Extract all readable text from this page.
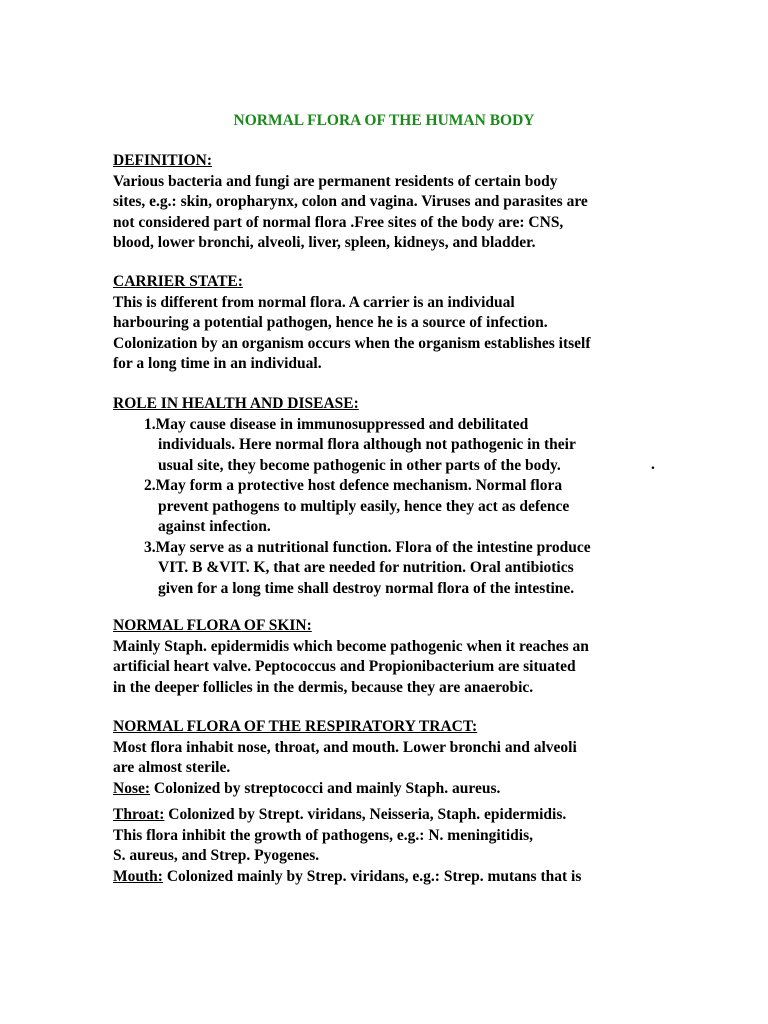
NORMAL FLORA OF THE HUMAN BODY
DEFINITION:
Various bacteria and fungi are permanent residents of certain body
sites, e.g.: skin, oropharynx, colon and vagina. Viruses and parasites are
not considered part of normal flora .Free sites of the body are: CNS,
blood, lower bronchi, alveoli, liver, spleen, kidneys, and bladder.
CARRIER STATE:
This is different from normal flora. A carrier is an individual
harbouring a potential pathogen, hence he is a source of infection.
Colonization by an organism occurs when the organism establishes itself
for a long time in an individual.
ROLE IN HEALTH AND DISEASE:
1.May cause disease in immunosuppressed and debilitated
individuals. Here normal flora although not pathogenic in their
usual site, they become pathogenic in other parts of the body.
2.May form a protective host defence mechanism. Normal flora
prevent pathogens to multiply easily, hence they act as defence
against infection.
3.May serve as a nutritional function. Flora of the intestine produce
VIT. B &VIT. K, that are needed for nutrition. Oral antibiotics
given for a long time shall destroy normal flora of the intestine.
.
NORMAL FLORA OF SKIN:
Mainly Staph. epidermidis which become pathogenic when it reaches an
artificial heart valve. Peptococcus and Propionibacterium are situated
in the deeper follicles in the dermis, because they are anaerobic.
NORMAL FLORA OF THE RESPIRATORY TRACT:
Most flora inhabit nose, throat, and mouth. Lower bronchi and alveoli
are almost sterile.
Nose: Colonized by streptococci and mainly Staph. aureus.
Throat: Colonized by Strept. viridans, Neisseria, Staph. epidermidis.
This flora inhibit the growth of pathogens, e.g.: N. meningitidis,
S. aureus, and Strep. Pyogenes.
Mouth: Colonized mainly by Strep. viridans, e.g.: Strep. mutans that is
